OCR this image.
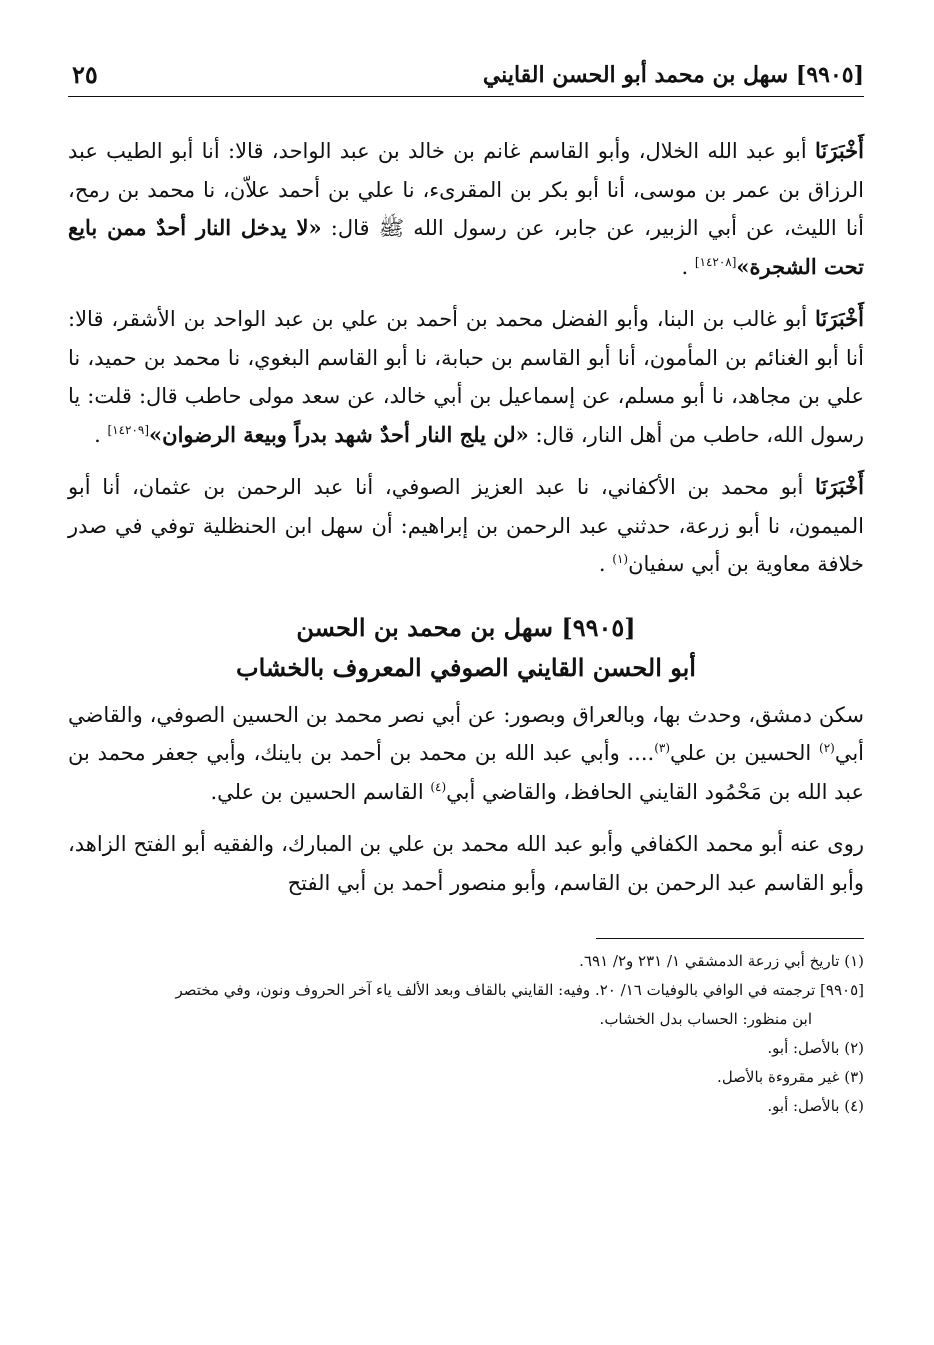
[٩٩٠٥] سهل بن محمد أبو الحسن القايني
٢٥

أَخْبَرَنَا أبو عبد الله الخلال، وأبو القاسم غانم بن خالد بن عبد الواحد، قالا: أنا أبو الطيب عبد الرزاق بن عمر بن موسى، أنا أبو بكر بن المقرىء، نا علي بن أحمد علاّن، نا محمد بن رمح، أنا الليث، عن أبي الزبير، عن جابر، عن رسول الله ﷺ قال: «لا يدخل النار أحدٌ ممن بايع تحت الشجرة»[١٤٢٠٨] .

أَخْبَرَنَا أبو غالب بن البنا، وأبو الفضل محمد بن أحمد بن علي بن عبد الواحد بن الأشقر، قالا: أنا أبو الغنائم بن المأمون، أنا أبو القاسم بن حبابة، نا أبو القاسم البغوي، نا محمد بن حميد، نا علي بن مجاهد، نا أبو مسلم، عن إسماعيل بن أبي خالد، عن سعد مولى حاطب قال: قلت: يا رسول الله، حاطب من أهل النار، قال: «لن يلج النار أحدٌ شهد بدراً وبيعة الرضوان»[١٤٢٠٩] .

أَخْبَرَنَا أبو محمد بن الأكفاني، نا عبد العزيز الصوفي، أنا عبد الرحمن بن عثمان، أنا أبو الميمون، نا أبو زرعة، حدثني عبد الرحمن بن إبراهيم: أن سهل ابن الحنظلية توفي في صدر خلافة معاوية بن أبي سفيان$^{(١)}$ .

[٩٩٠٥] سهل بن محمد بن الحسن
أبو الحسن القايني الصوفي المعروف بالخشاب

سكن دمشق، وحدث بها، وبالعراق وبصور: عن أبي نصر محمد بن الحسين الصوفي، والقاضي أبي$^{(٢)}$ الحسين بن علي$^{(٣)}$.... وأبي عبد الله بن محمد بن أحمد بن باينك، وأبي جعفر محمد بن عبد الله بن مَحْمُود القايني الحافظ، والقاضي أبي$^{(٤)}$ القاسم الحسين بن علي.

روى عنه أبو محمد الكفافي وأبو عبد الله محمد بن علي بن المبارك، والفقيه أبو الفتح الزاهد، وأبو القاسم عبد الرحمن بن القاسم، وأبو منصور أحمد بن أبي الفتح

(١) تاريخ أبي زرعة الدمشقي ١/ ٢٣١ و٢/ ٦٩١.

[٩٩٠٥] ترجمته في الوافي بالوفيات ١٦/ ٢٠. وفيه: القايني بالقاف وبعد الألف ياء آخر الحروف ونون، وفي مختصر

ابن منظور: الحساب بدل الخشاب.

(٢) بالأصل: أبو.

(٣) غير مقروءة بالأصل.

(٤) بالأصل: أبو.
